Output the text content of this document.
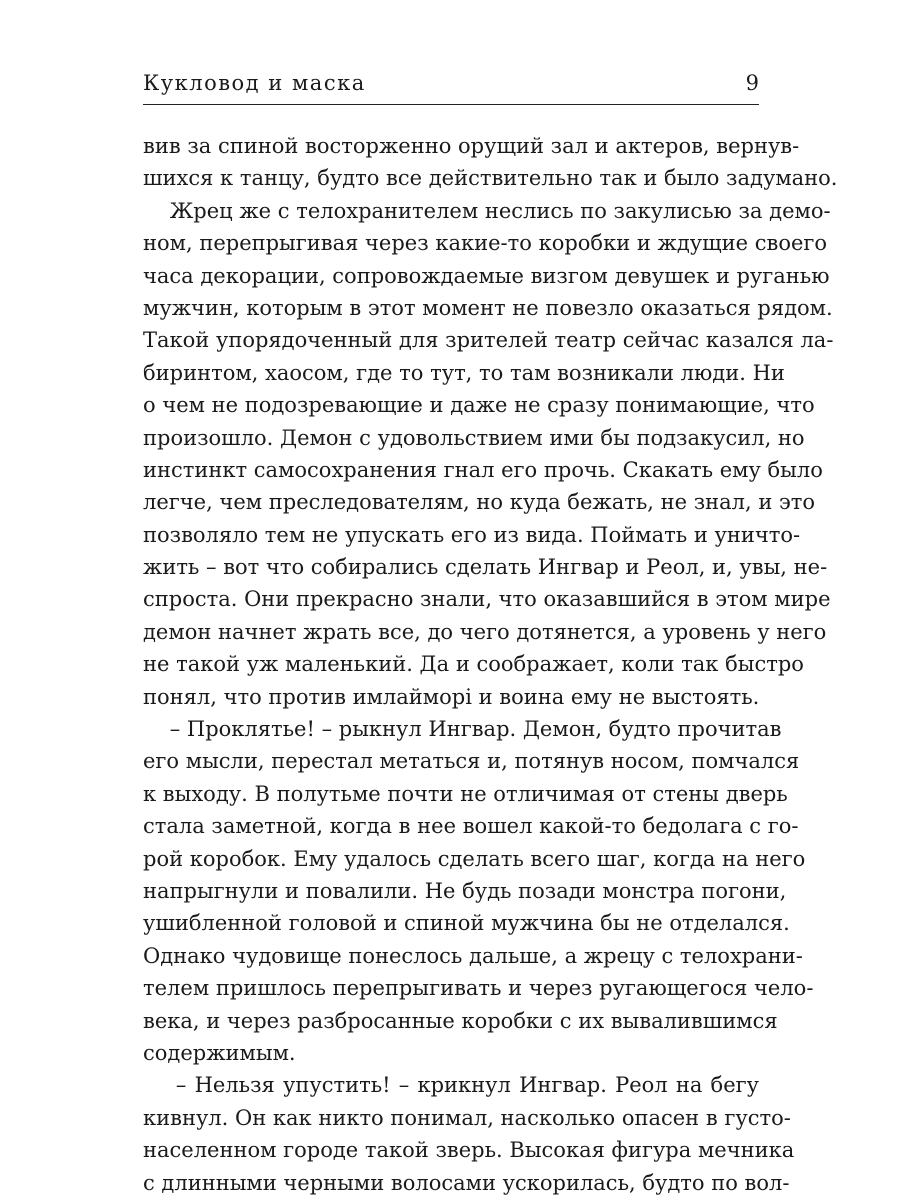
Кукловод и маска	9
вив за спиной восторженно орущий зал и актеров, вернув-
шихся к танцу, будто все действительно так и было задумано.
Жрец же с телохранителем неслись по закулисью за демо-
ном, перепрыгивая через какие-то коробки и ждущие своего
часа декорации, сопровождаемые визгом девушек и руганью
мужчин, которым в этот момент не повезло оказаться рядом.
Такой упорядоченный для зрителей театр сейчас казался ла-
биринтом, хаосом, где то тут, то там возникали люди. Ни
о чем не подозревающие и даже не сразу понимающие, что
произошло. Демон с удовольствием ими бы подзакусил, но
инстинкт самосохранения гнал его прочь. Скакать ему было
легче, чем преследователям, но куда бежать, не знал, и это
позволяло тем не упускать его из вида. Поймать и уничто-
жить – вот что собирались сделать Ингвар и Реол, и, увы, не-
спроста. Они прекрасно знали, что оказавшийся в этом мире
демон начнет жрать все, до чего дотянется, а уровень у него
не такой уж маленький. Да и соображает, коли так быстро
понял, что против имлайморі и воина ему не выстоять.
– Проклятье! – рыкнул Ингвар. Демон, будто прочитав
его мысли, перестал метаться и, потянув носом, помчался
к выходу. В полутьме почти не отличимая от стены дверь
стала заметной, когда в нее вошел какой-то бедолага с го-
рой коробок. Ему удалось сделать всего шаг, когда на него
напрыгнули и повалили. Не будь позади монстра погони,
ушибленной головой и спиной мужчина бы не отделался.
Однако чудовище понеслось дальше, а жрецу с телохрани-
телем пришлось перепрыгивать и через ругающегося чело-
века, и через разбросанные коробки с их вывалившимся
содержимым.
– Нельзя упустить! – крикнул Ингвар. Реол на бегу
кивнул. Он как никто понимал, насколько опасен в густо-
населенном городе такой зверь. Высокая фигура мечника
с длинными черными волосами ускорилась, будто по вол-
